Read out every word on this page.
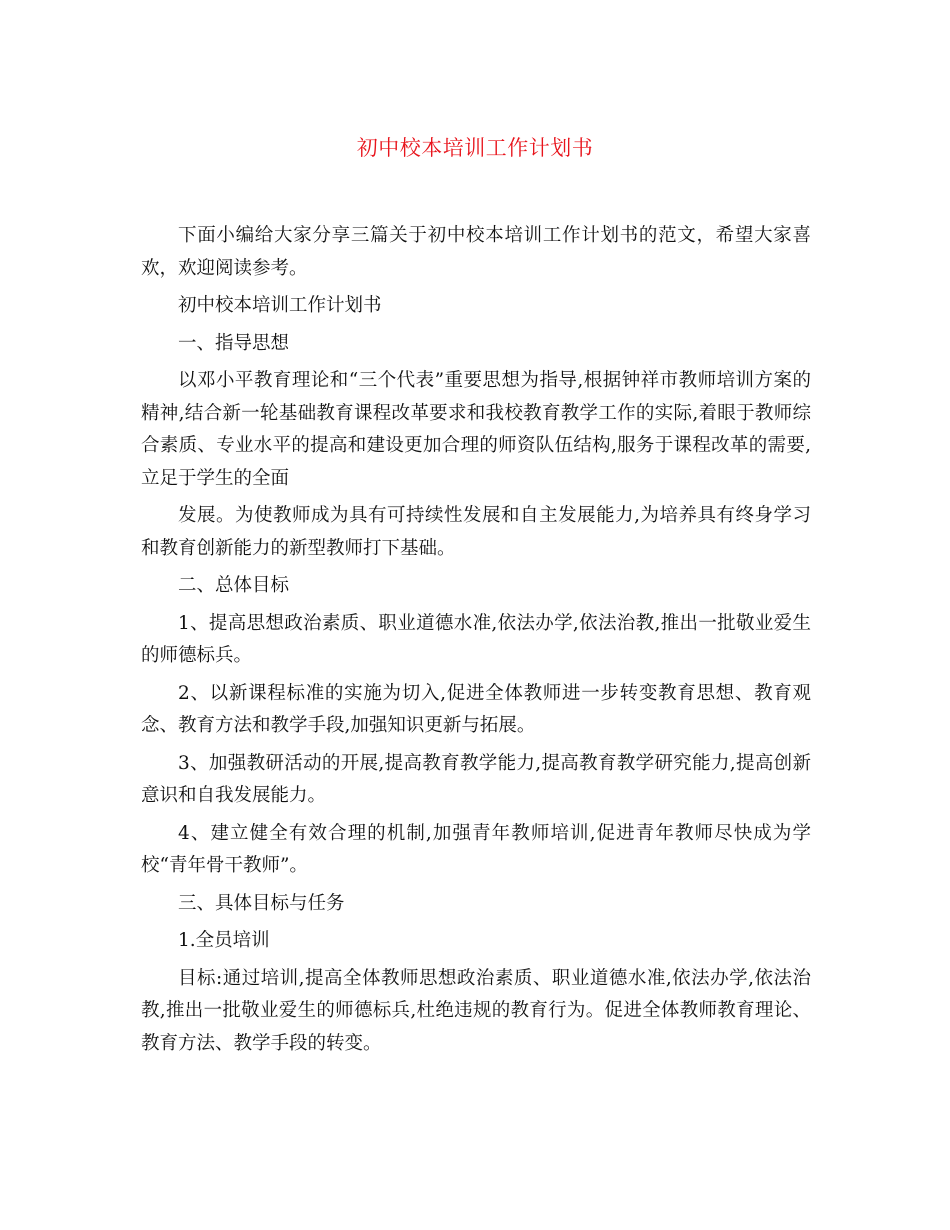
初中校本培训工作计划书

下面小编给大家分享三篇关于初中校本培训工作计划书的范文，希望大家喜欢，欢迎阅读参考。

初中校本培训工作计划书

一、指导思想

以邓小平教育理论和“三个代表”重要思想为指导,根据钟祥市教师培训方案的精神,结合新一轮基础教育课程改革要求和我校教育教学工作的实际,着眼于教师综合素质、专业水平的提高和建设更加合理的师资队伍结构,服务于课程改革的需要,立足于学生的全面

发展。为使教师成为具有可持续性发展和自主发展能力,为培养具有终身学习和教育创新能力的新型教师打下基础。

二、总体目标

1、提高思想政治素质、职业道德水准,依法办学,依法治教,推出一批敬业爱生的师德标兵。

2、以新课程标准的实施为切入,促进全体教师进一步转变教育思想、教育观念、教育方法和教学手段,加强知识更新与拓展。

3、加强教研活动的开展,提高教育教学能力,提高教育教学研究能力,提高创新意识和自我发展能力。

4、建立健全有效合理的机制,加强青年教师培训,促进青年教师尽快成为学校“青年骨干教师”。

三、具体目标与任务

1.全员培训

目标:通过培训,提高全体教师思想政治素质、职业道德水准,依法办学,依法治教,推出一批敬业爱生的师德标兵,杜绝违规的教育行为。促进全体教师教育理论、教育方法、教学手段的转变。
